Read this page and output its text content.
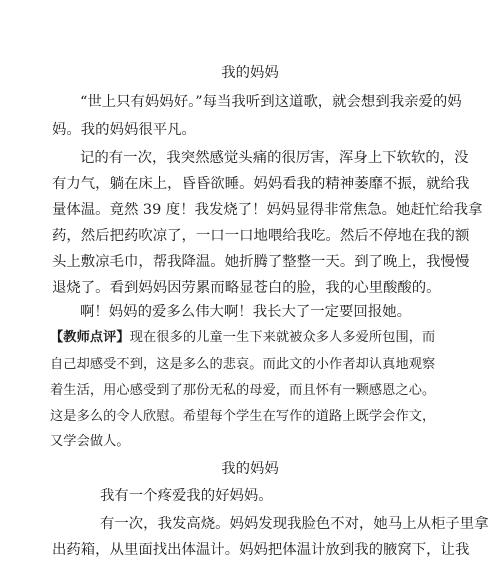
我的妈妈
“世上只有妈妈好。”每当我听到这道歌，就会想到我亲爱的妈
妈。我的妈妈很平凡。
记的有一次，我突然感觉头痛的很厉害，浑身上下软软的，没
有力气，躺在床上，昏昏欲睡。妈妈看我的精神萎靡不振，就给我
量体温。竟然 39 度！我发烧了！妈妈显得非常焦急。她赶忙给我拿
药，然后把药吹凉了，一口一口地喂给我吃。然后不停地在我的额
头上敷凉毛巾，帮我降温。她折腾了整整一天。到了晚上，我慢慢
退烧了。看到妈妈因劳累而略显苍白的脸，我的心里酸酸的。
啊！妈妈的爱多么伟大啊！我长大了一定要回报她。
【教师点评】现在很多的儿童一生下来就被众多人多爱所包围，而
自己却感受不到，这是多么的悲哀。而此文的小作者却认真地观察
着生活，用心感受到了那份无私的母爱，而且怀有一颗感恩之心。
这是多么的令人欣慰。希望每个学生在写作的道路上既学会作文，
又学会做人。
我的妈妈
我有一个疼爱我的好妈妈。
有一次，我发高烧。妈妈发现我脸色不对，她马上从柜子里拿
出药箱，从里面找出体温计。妈妈把体温计放到我的腋窝下，让我
